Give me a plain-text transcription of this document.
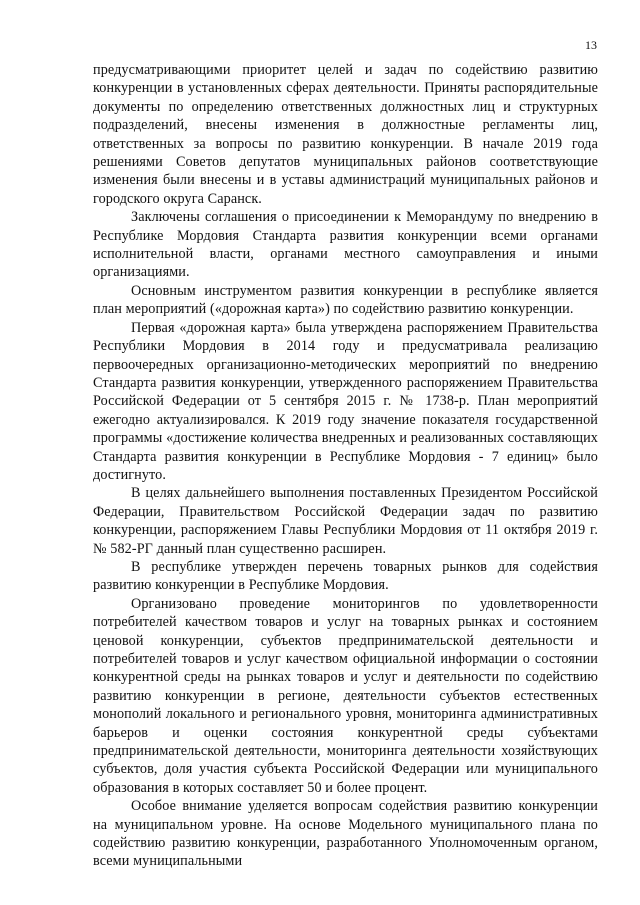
13

предусматривающими приоритет целей и задач по содействию развитию конкуренции в установленных сферах деятельности. Приняты распорядительные документы по определению ответственных должностных лиц и структурных подразделений, внесены изменения в должностные регламенты лиц, ответственных за вопросы по развитию конкуренции. В начале 2019 года решениями Советов депутатов муниципальных районов соответствующие изменения были внесены и в уставы администраций муниципальных районов и городского округа Саранск.

Заключены соглашения о присоединении к Меморандуму по внедрению в Республике Мордовия Стандарта развития конкуренции всеми органами исполнительной власти, органами местного самоуправления и иными организациями.

Основным инструментом развития конкуренции в республике является план мероприятий («дорожная карта») по содействию развитию конкуренции.

Первая «дорожная карта» была утверждена распоряжением Правительства Республики Мордовия в 2014 году и предусматривала реализацию первоочередных организационно-методических мероприятий по внедрению Стандарта развития конкуренции, утвержденного распоряжением Правительства Российской Федерации от 5 сентября 2015 г. № 1738-р. План мероприятий ежегодно актуализировался. К 2019 году значение показателя государственной программы «достижение количества внедренных и реализованных составляющих Стандарта развития конкуренции в Республике Мордовия - 7 единиц» было достигнуто.

В целях дальнейшего выполнения поставленных Президентом Российской Федерации, Правительством Российской Федерации задач по развитию конкуренции, распоряжением Главы Республики Мордовия от 11 октября 2019 г. № 582-РГ данный план существенно расширен.

В республике утвержден перечень товарных рынков для содействия развитию конкуренции в Республике Мордовия.

Организовано проведение мониторингов по удовлетворенности потребителей качеством товаров и услуг на товарных рынках и состоянием ценовой конкуренции, субъектов предпринимательской деятельности и потребителей товаров и услуг качеством официальной информации о состоянии конкурентной среды на рынках товаров и услуг и деятельности по содействию развитию конкуренции в регионе, деятельности субъектов естественных монополий локального и регионального уровня, мониторинга административных барьеров и оценки состояния конкурентной среды субъектами предпринимательской деятельности, мониторинга деятельности хозяйствующих субъектов, доля участия субъекта Российской Федерации или муниципального образования в которых составляет 50 и более процент.

Особое внимание уделяется вопросам содействия развитию конкуренции на муниципальном уровне. На основе Модельного муниципального плана по содействию развитию конкуренции, разработанного Уполномоченным органом, всеми муниципальными
